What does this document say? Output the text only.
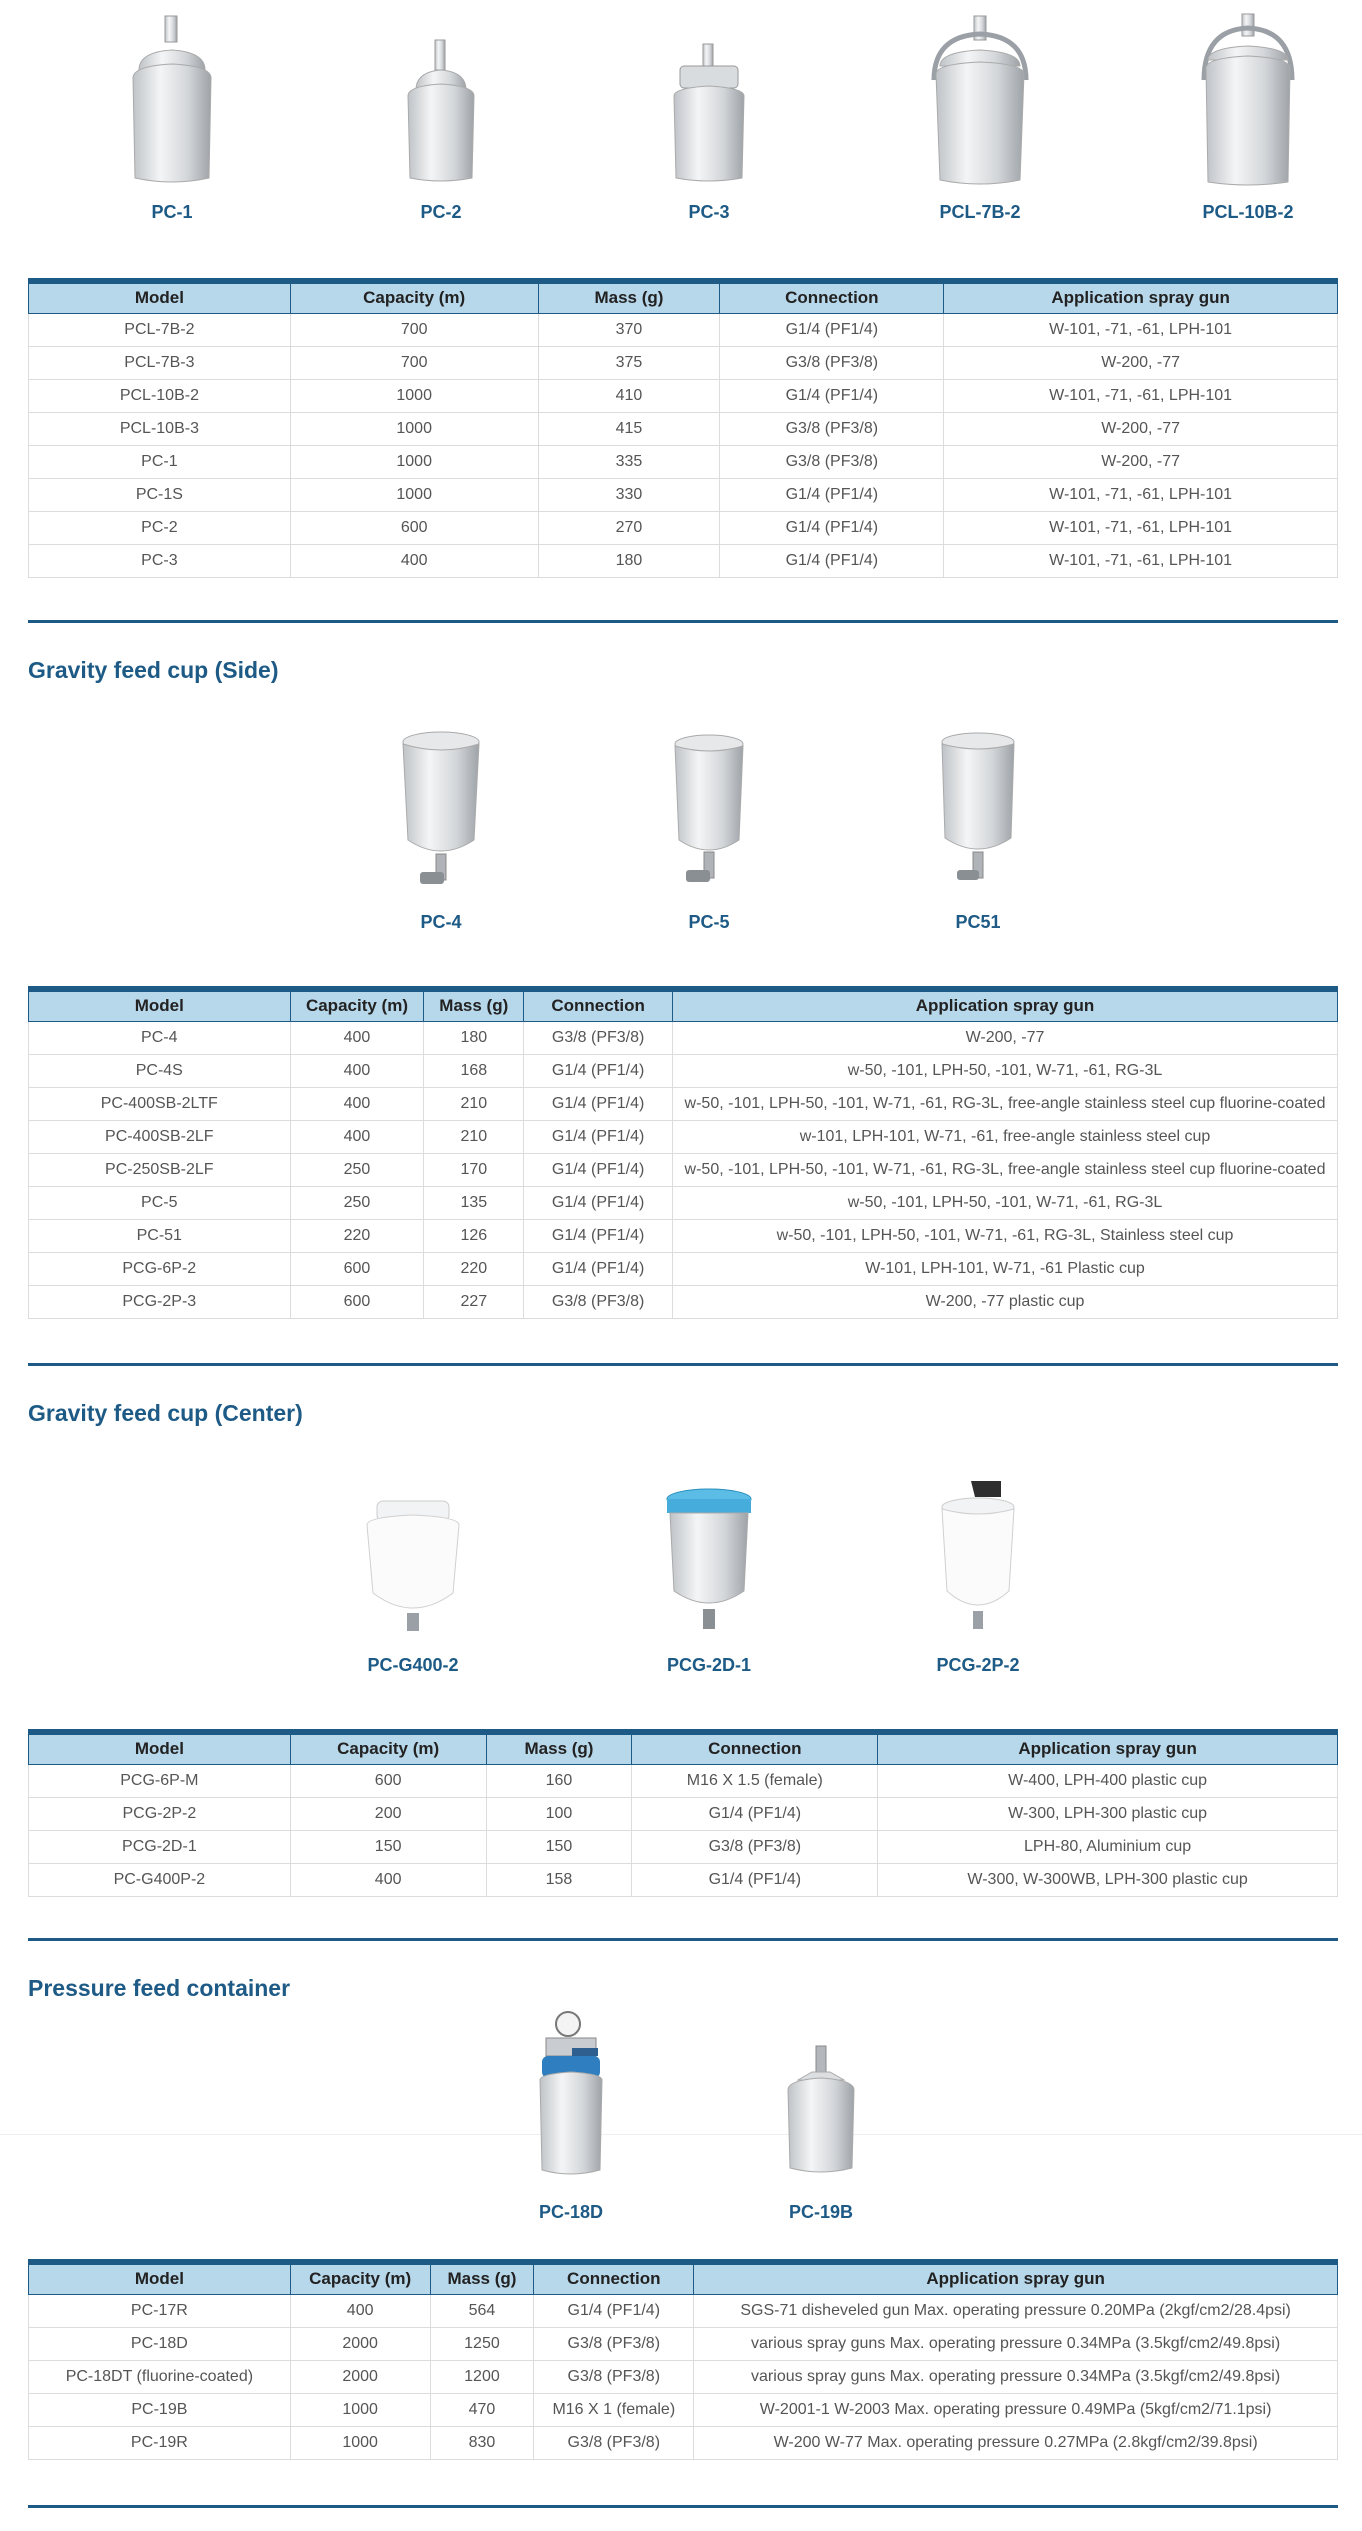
PC-1	PC-2	PC-3	PCL-7B-2	PCL-10B-2
Model	Capacity (m)	Mass (g)	Connection	Application spray gun
PCL-7B-2	700	370	G1/4 (PF1/4)	W-101, -71, -61, LPH-101
PCL-7B-3	700	375	G3/8 (PF3/8)	W-200, -77
PCL-10B-2	1000	410	G1/4 (PF1/4)	W-101, -71, -61, LPH-101
PCL-10B-3	1000	415	G3/8 (PF3/8)	W-200, -77
PC-1	1000	335	G3/8 (PF3/8)	W-200, -77
PC-1S	1000	330	G1/4 (PF1/4)	W-101, -71, -61, LPH-101
PC-2	600	270	G1/4 (PF1/4)	W-101, -71, -61, LPH-101
PC-3	400	180	G1/4 (PF1/4)	W-101, -71, -61, LPH-101
Gravity feed cup (Side)
PC-4	PC-5	PC51
Model	Capacity (m)	Mass (g)	Connection	Application spray gun
PC-4	400	180	G3/8 (PF3/8)	W-200, -77
PC-4S	400	168	G1/4 (PF1/4)	w-50, -101, LPH-50, -101, W-71, -61, RG-3L
PC-400SB-2LTF	400	210	G1/4 (PF1/4)	w-50, -101, LPH-50, -101, W-71, -61, RG-3L, free-angle stainless steel cup fluorine-coated
PC-400SB-2LF	400	210	G1/4 (PF1/4)	w-101, LPH-101, W-71, -61, free-angle stainless steel cup
PC-250SB-2LF	250	170	G1/4 (PF1/4)	w-50, -101, LPH-50, -101, W-71, -61, RG-3L, free-angle stainless steel cup fluorine-coated
PC-5	250	135	G1/4 (PF1/4)	w-50, -101, LPH-50, -101, W-71, -61, RG-3L
PC-51	220	126	G1/4 (PF1/4)	w-50, -101, LPH-50, -101, W-71, -61, RG-3L, Stainless steel cup
PCG-6P-2	600	220	G1/4 (PF1/4)	W-101, LPH-101, W-71, -61 Plastic cup
PCG-2P-3	600	227	G3/8 (PF3/8)	W-200, -77 plastic cup
Gravity feed cup (Center)
PC-G400-2	PCG-2D-1	PCG-2P-2
Model	Capacity (m)	Mass (g)	Connection	Application spray gun
PCG-6P-M	600	160	M16 X 1.5 (female)	W-400, LPH-400 plastic cup
PCG-2P-2	200	100	G1/4 (PF1/4)	W-300, LPH-300 plastic cup
PCG-2D-1	150	150	G3/8 (PF3/8)	LPH-80, Aluminium cup
PC-G400P-2	400	158	G1/4 (PF1/4)	W-300, W-300WB, LPH-300 plastic cup
Pressure feed container
PC-18D	PC-19B
Model	Capacity (m)	Mass (g)	Connection	Application spray gun
PC-17R	400	564	G1/4 (PF1/4)	SGS-71 disheveled gun Max. operating pressure 0.20MPa (2kgf/cm2/28.4psi)
PC-18D	2000	1250	G3/8 (PF3/8)	various spray guns Max. operating pressure 0.34MPa (3.5kgf/cm2/49.8psi)
PC-18DT (fluorine-coated)	2000	1200	G3/8 (PF3/8)	various spray guns Max. operating pressure 0.34MPa (3.5kgf/cm2/49.8psi)
PC-19B	1000	470	M16 X 1 (female)	W-2001-1 W-2003 Max. operating pressure 0.49MPa (5kgf/cm2/71.1psi)
PC-19R	1000	830	G3/8 (PF3/8)	W-200 W-77 Max. operating pressure 0.27MPa (2.8kgf/cm2/39.8psi)
